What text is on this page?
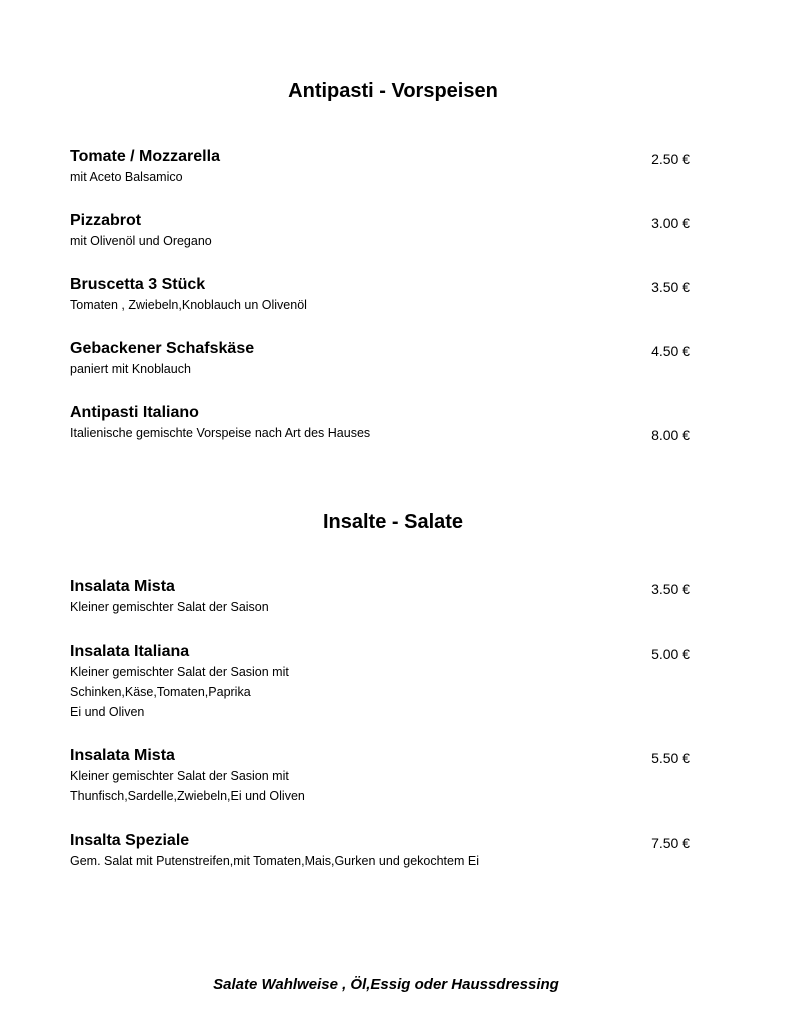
Antipasti - Vorspeisen
Tomate / Mozzarella
mit Aceto Balsamico
2.50 €
Pizzabrot
mit Olivenöl und Oregano
3.00 €
Bruscetta 3 Stück
Tomaten , Zwiebeln,Knoblauch un Olivenöl
3.50 €
Gebackener Schafskäse
paniert mit Knoblauch
4.50 €
Antipasti Italiano
Italienische gemischte Vorspeise nach Art des Hauses	8.00 €
Insalte - Salate
Insalata Mista
Kleiner gemischter Salat der Saison
3.50 €
Insalata Italiana
Kleiner gemischter Salat der Sasion mit
Schinken,Käse,Tomaten,Paprika
Ei und Oliven
5.00 €
Insalata Mista
Kleiner gemischter Salat der Sasion mit
Thunfisch,Sardelle,Zwiebeln,Ei und Oliven
5.50 €
Insalta Speziale
Gem. Salat mit Putenstreifen,mit Tomaten,Mais,Gurken und gekochtem Ei
7.50 €
Salate Wahlweise , Öl,Essig oder Haussdressing
